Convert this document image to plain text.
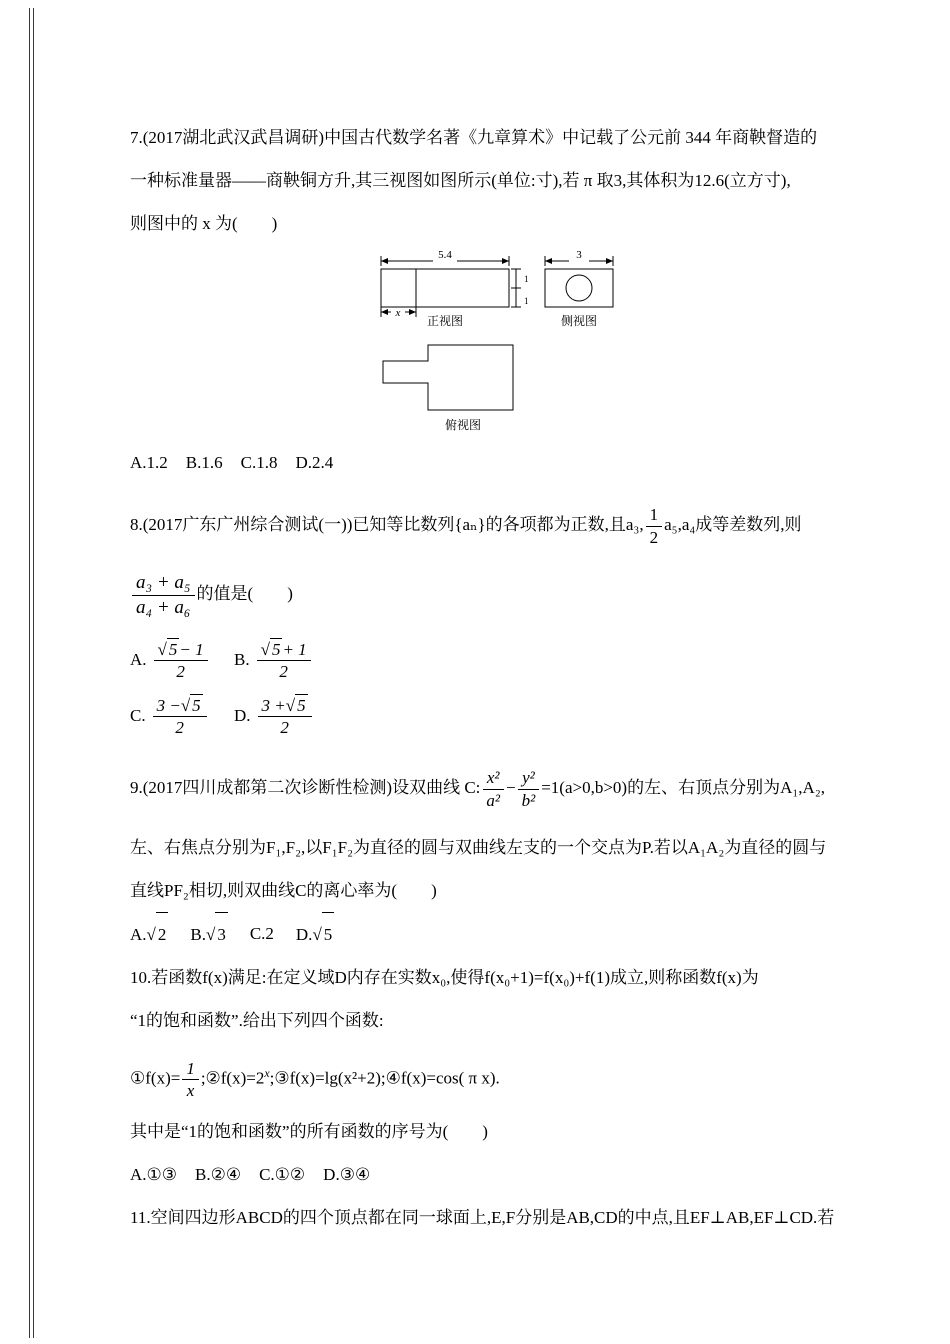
7.(2017湖北武汉武昌调研)中国古代数学名著《九章算术》中记载了公元前 344 年商鞅督造的

一种标准量器——商鞅铜方升,其三视图如图所示(单位:寸),若 π 取3,其体积为12.6(立方寸),

则图中的 x 为(　　)

5.4
x
1
1
3
正视图	侧视图
俯视图
A.1.2 B.1.6 C.1.8 D.2.4

8.(2017广东广州综合测试(一))已知等比数列{aₙ}的各项都为正数,且a₃, $\frac{1}{2} a_5,a_4$成等差数列,则

$\frac{\text{a₃ + a₅}}{\text{a₄ + a₆}}$ 的值是(　　)

A. $\frac{√ 5 - 1}{2} B$. $\frac{√ 5 + 1}{2}$
C. $\frac{3 - √ 5}{2} D$. $\frac{3 + √ 5}{2}$

9.(2017四川成都第二次诊断性检测)设双曲线 C: $\frac{\text{x²}}{\text{a²}} - \frac{\text{y²}}{\text{b²}} =1(a>0,b>0)$的左、右顶点分别为A₁,A₂,

左、右焦点分别为F₁,F₂,以F₁F₂为直径的圆与双曲线左支的一个交点为P.若以A₁A₂为直径的圆与

直线PF₂相切,则双曲线C的离心率为(　　)

A. √ 2 B. √ 3 C.2 D. √ 5

10.若函数f(x)满足:在定义域D内存在实数x₀,使得f(x₀+1)=f(x₀)+f(1)成立,则称函数f(x)为

“1的饱和函数”.给出下列四个函数:

①f(x)= $\frac{1}{x}$ $;②f(x)=2^x;③f(x)=\lg(x^2+2);④f(x)=\cos$( π x).

其中是“1的饱和函数”的所有函数的序号为(　　)

A.①③ B.②④ C.①② D.③④

11.空间四边形ABCD的四个顶点都在同一球面上,E,F分别是AB,CD的中点,且EF⊥AB,EF⊥CD.若
